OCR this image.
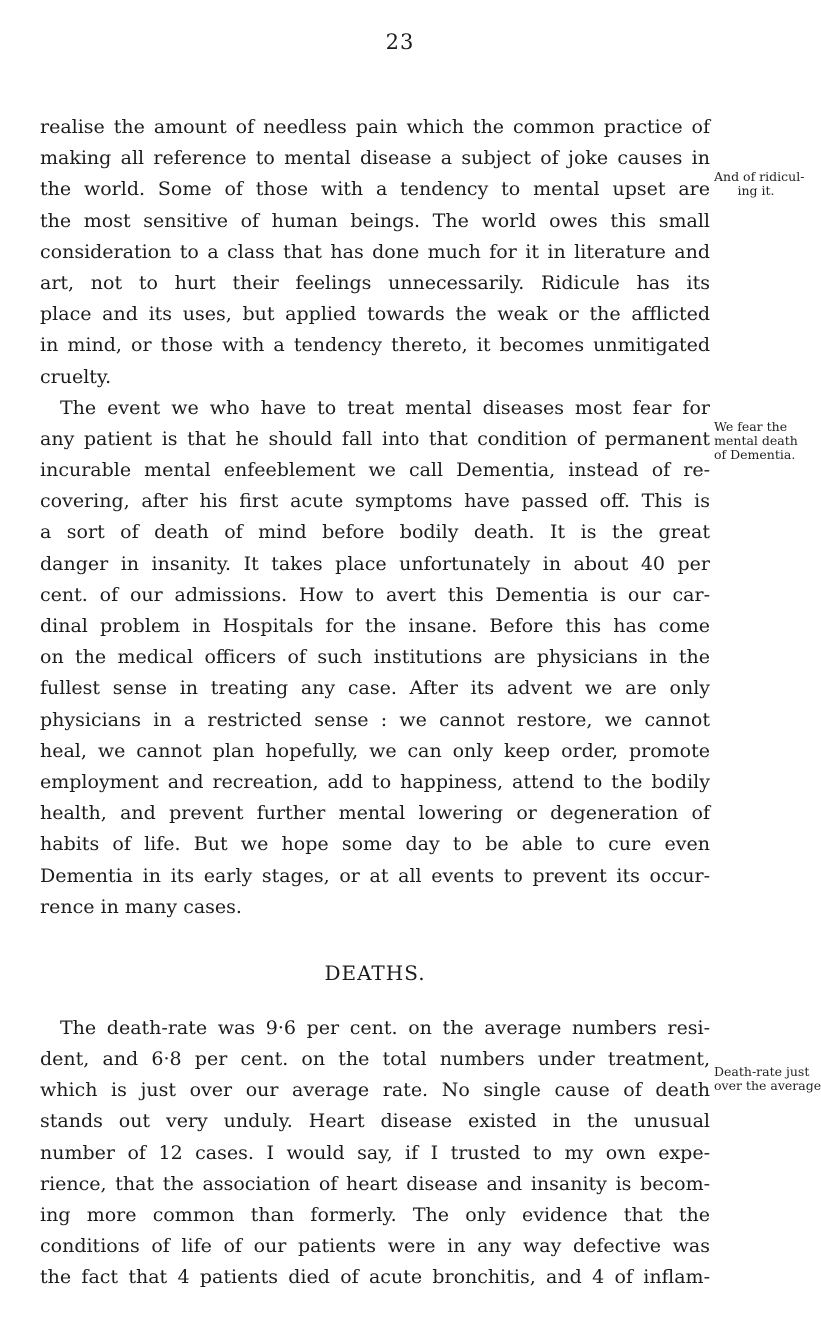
23
realise the amount of needless pain which the common practice of
making all reference to mental disease a subject of joke causes in
the world. Some of those with a tendency to mental upset are
the most sensitive of human beings. The world owes this small
consideration to a class that has done much for it in literature and
art, not to hurt their feelings unnecessarily. Ridicule has its
place and its uses, but applied towards the weak or the afflicted
in mind, or those with a tendency thereto, it becomes unmitigated
cruelty.
The event we who have to treat mental diseases most fear for
any patient is that he should fall into that condition of permanent
incurable mental enfeeblement we call Dementia, instead of re-
covering, after his first acute symptoms have passed off. This is
a sort of death of mind before bodily death. It is the great
danger in insanity. It takes place unfortunately in about 40 per
cent. of our admissions. How to avert this Dementia is our car-
dinal problem in Hospitals for the insane. Before this has come
on the medical officers of such institutions are physicians in the
fullest sense in treating any case. After its advent we are only
physicians in a restricted sense : we cannot restore, we cannot
heal, we cannot plan hopefully, we can only keep order, promote
employment and recreation, add to happiness, attend to the bodily
health, and prevent further mental lowering or degeneration of
habits of life. But we hope some day to be able to cure even
Dementia in its early stages, or at all events to prevent its occur-
rence in many cases.
DEATHS.
The death-rate was 9·6 per cent. on the average numbers resi-
dent, and 6·8 per cent. on the total numbers under treatment,
which is just over our average rate. No single cause of death
stands out very unduly. Heart disease existed in the unusual
number of 12 cases. I would say, if I trusted to my own expe-
rience, that the association of heart disease and insanity is becom-
ing more common than formerly. The only evidence that the
conditions of life of our patients were in any way defective was
the fact that 4 patients died of acute bronchitis, and 4 of inflam-
And of ridicul-
ing it.
We fear the
mental death
of Dementia.
Death-rate just
over the average
